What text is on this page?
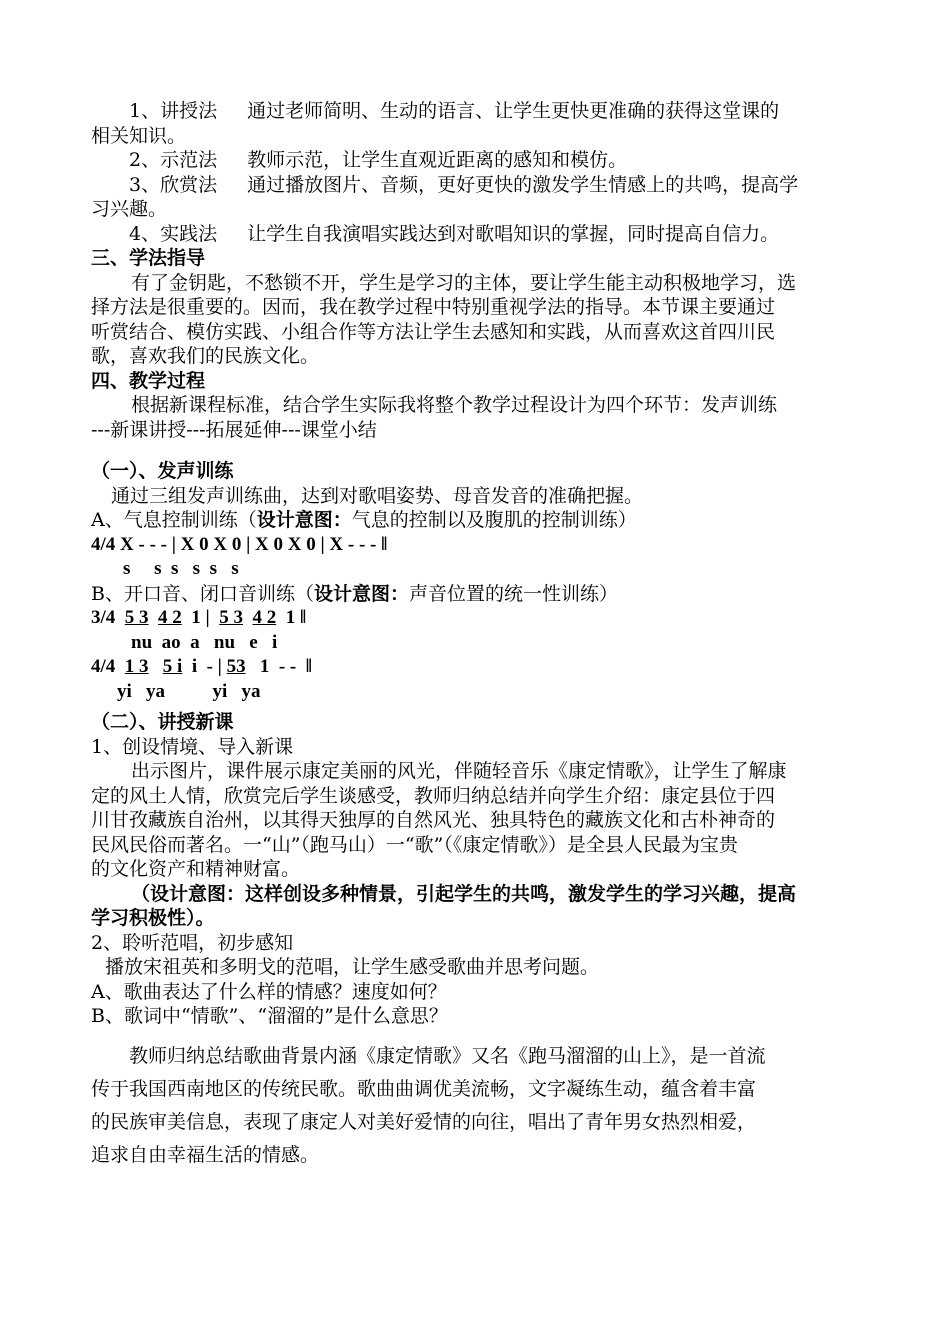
1、讲授法 通过老师简明、生动的语言、让学生更快更准确的获得这堂课的
相关知识。
2、示范法 教师示范，让学生直观近距离的感知和模仿。
3、欣赏法 通过播放图片、音频，更好更快的激发学生情感上的共鸣，提高学
习兴趣。
4、实践法 让学生自我演唱实践达到对歌唱知识的掌握，同时提高自信力。
三、学法指导
有了金钥匙，不愁锁不开，学生是学习的主体，要让学生能主动积极地学习，选
择方法是很重要的。因而，我在教学过程中特别重视学法的指导。本节课主要通过
听赏结合、模仿实践、小组合作等方法让学生去感知和实践，从而喜欢这首四川民
歌，喜欢我们的民族文化。
四、教学过程
根据新课程标准，结合学生实际我将整个教学过程设计为四个环节：发声训练
---新课讲授---拓展延伸---课堂小结
（一）、发声训练
通过三组发声训练曲，达到对歌唱姿势、母音发音的准确把握。
A、气息控制训练（设计意图：气息的控制以及腹肌的控制训练）
4/4 X - - - | X 0 X 0 | X 0 X 0 | X - - - ‖
s     s  s   s  s   s
B、开口音、闭口音训练（设计意图：声音位置的统一性训练）
3/4  5 3 4 2  1 |  5 3 4 2  1 ‖
nu  ao  a   nu   e   i
4/4  1 3 5 i  i  - | 53   1  - -  ‖
yi   ya          yi   ya
（二）、讲授新课
1、创设情境、导入新课
出示图片，课件展示康定美丽的风光，伴随轻音乐《康定情歌》，让学生了解康
定的风土人情，欣赏完后学生谈感受，教师归纳总结并向学生介绍：康定县位于四
川甘孜藏族自治州，以其得天独厚的自然风光、独具特色的藏族文化和古朴神奇的
民风民俗而著名。一“山”（跑马山）一“歌”（《康定情歌》）是全县人民最为宝贵
的文化资产和精神财富。
（设计意图：这样创设多种情景，引起学生的共鸣，激发学生的学习兴趣，提高
学习积极性）。
2、聆听范唱，初步感知
播放宋祖英和多明戈的范唱，让学生感受歌曲并思考问题。
A、歌曲表达了什么样的情感？速度如何？
B、歌词中“情歌”、“溜溜的”是什么意思？
教师归纳总结歌曲背景内涵《康定情歌》又名《跑马溜溜的山上》，是一首流
传于我国西南地区的传统民歌。歌曲曲调优美流畅，文字凝练生动，蕴含着丰富
的民族审美信息，表现了康定人对美好爱情的向往，唱出了青年男女热烈相爱，
追求自由幸福生活的情感。
